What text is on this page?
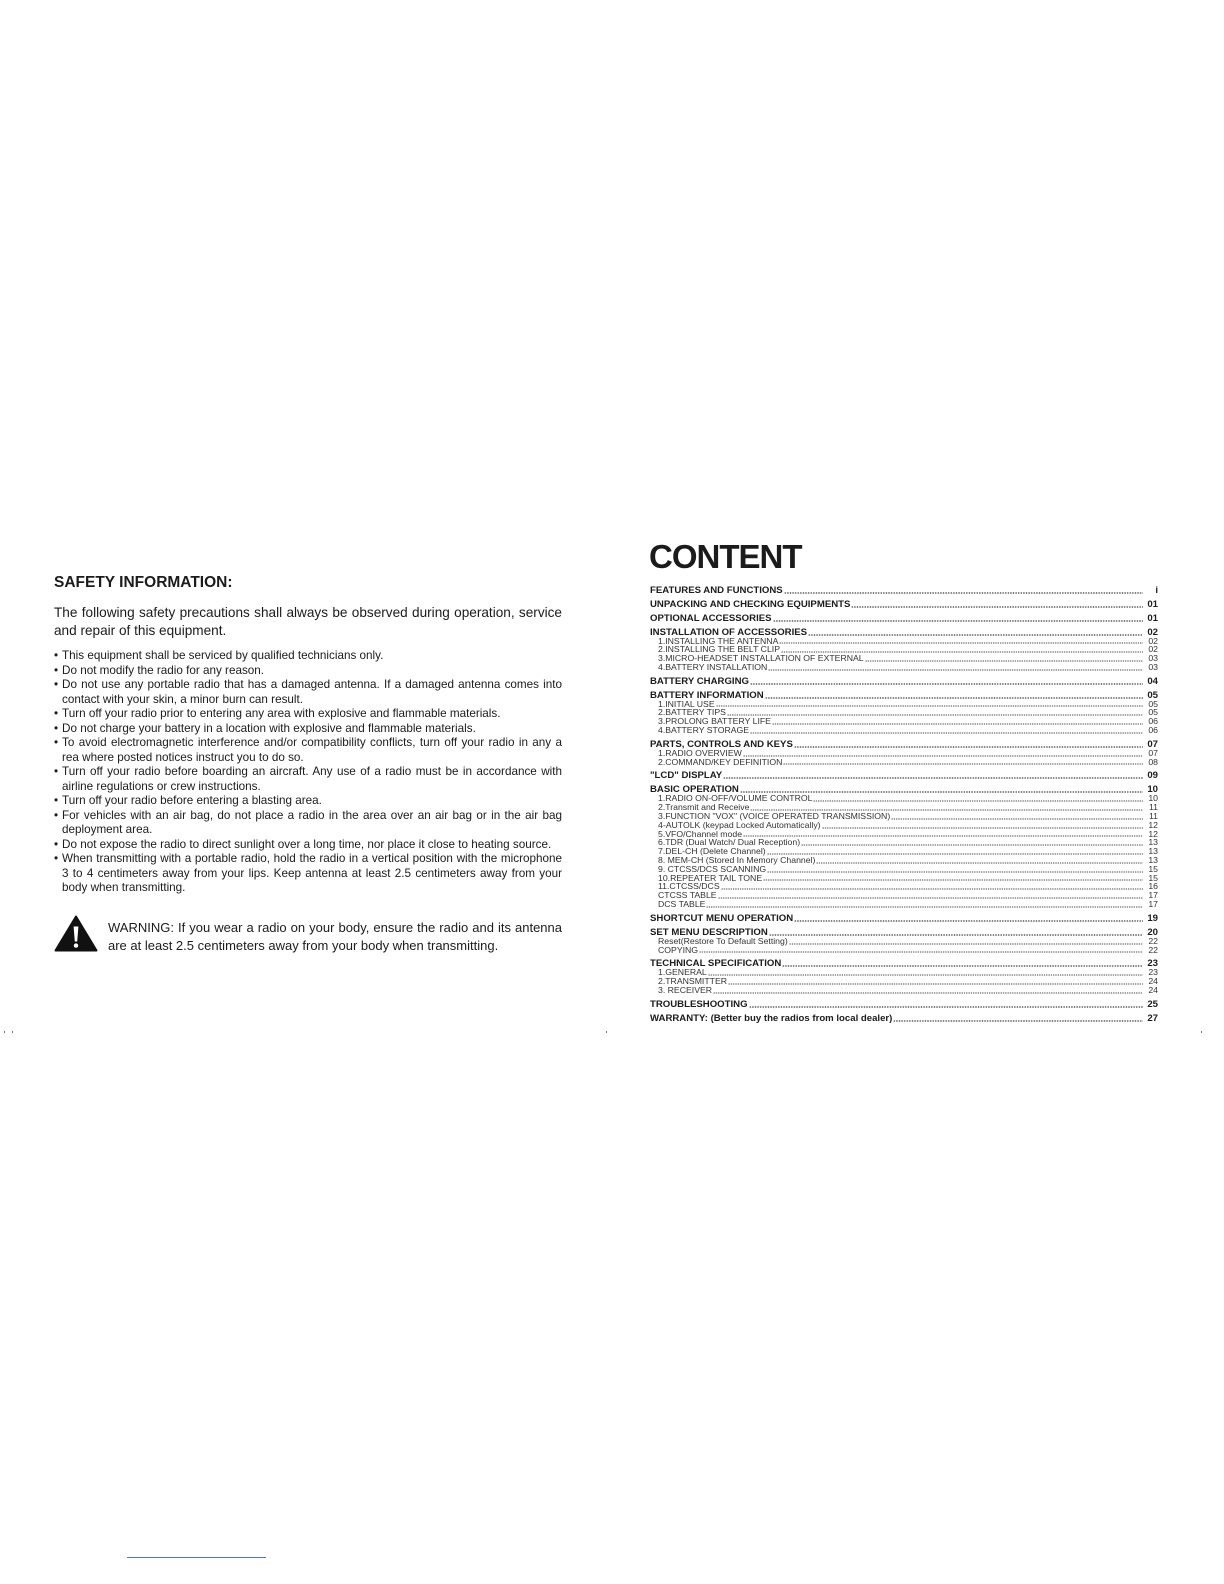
SAFETY INFORMATION:
The following safety precautions shall always be observed during operation, service
and repair of this equipment.
• This equipment shall be serviced by qualified technicians only.
• Do not modify the radio for any reason.
• Do not use any portable radio that has a damaged antenna. If a damaged antenna comes into
contact with your skin, a minor burn can result.
• Turn off your radio prior to entering any area with explosive and flammable materials.
• Do not charge your battery in a location with explosive and flammable materials.
• To avoid electromagnetic interference and/or compatibility conflicts, turn off your radio in any a
rea where posted notices instruct you to do so.
• Turn off your radio before boarding an aircraft. Any use of a radio must be in accordance with
airline regulations or crew instructions.
• Turn off your radio before entering a blasting area.
• For vehicles with an air bag, do not place a radio in the area over an air bag or in the air bag
deployment area.
• Do not expose the radio to direct sunlight over a long time, nor place it close to heating source.
• When transmitting with a portable radio, hold the radio in a vertical position with the microphone
3 to 4 centimeters away from your lips. Keep antenna at least 2.5 centimeters away from your
body when transmitting.
WARNING: If you wear a radio on your body, ensure the radio and its antenna
are at least 2.5 centimeters away from your body when transmitting.
CONTENT
FEATURES AND FUNCTIONS	i
UNPACKING AND CHECKING EQUIPMENTS	01
OPTIONAL ACCESSORIES	01
INSTALLATION OF ACCESSORIES	02
1.INSTALLING THE ANTENNA	02
2.INSTALLING THE BELT CLIP	02
3.MICRO-HEADSET INSTALLATION OF EXTERNAL	03
4.BATTERY INSTALLATION	03
BATTERY CHARGING	04
BATTERY INFORMATION	05
1.INITIAL USE	05
2.BATTERY TIPS	05
3.PROLONG BATTERY LIFE	06
4.BATTERY STORAGE	06
PARTS, CONTROLS AND KEYS	07
1.RADIO OVERVIEW	07
2.COMMAND/KEY DEFINITION	08
"LCD" DISPLAY	09
BASIC OPERATION	10
1.RADIO ON-OFF/VOLUME CONTROL	10
2.Transmit and Receive	11
3.FUNCTION "VOX" (VOICE OPERATED TRANSMISSION)	11
4-AUTOLK (keypad Locked Automatically)	12
5.VFO/Channel mode	12
6.TDR (Dual Watch/ Dual Reception)	13
7.DEL-CH (Delete Channel)	13
8. MEM-CH (Stored In Memory Channel)	13
9. CTCSS/DCS SCANNING	15
10.REPEATER TAIL TONE	15
11.CTCSS/DCS	16
CTCSS TABLE	17
DCS TABLE	17
SHORTCUT MENU OPERATION	19
SET MENU DESCRIPTION	20
Reset(Restore To Default Setting)	22
COPYING	22
TECHNICAL SPECIFICATION	23
1.GENERAL	23
2.TRANSMITTER	24
3. RECEIVER	24
TROUBLESHOOTING	25
WARRANTY: (Better buy the radios from local dealer)	27
